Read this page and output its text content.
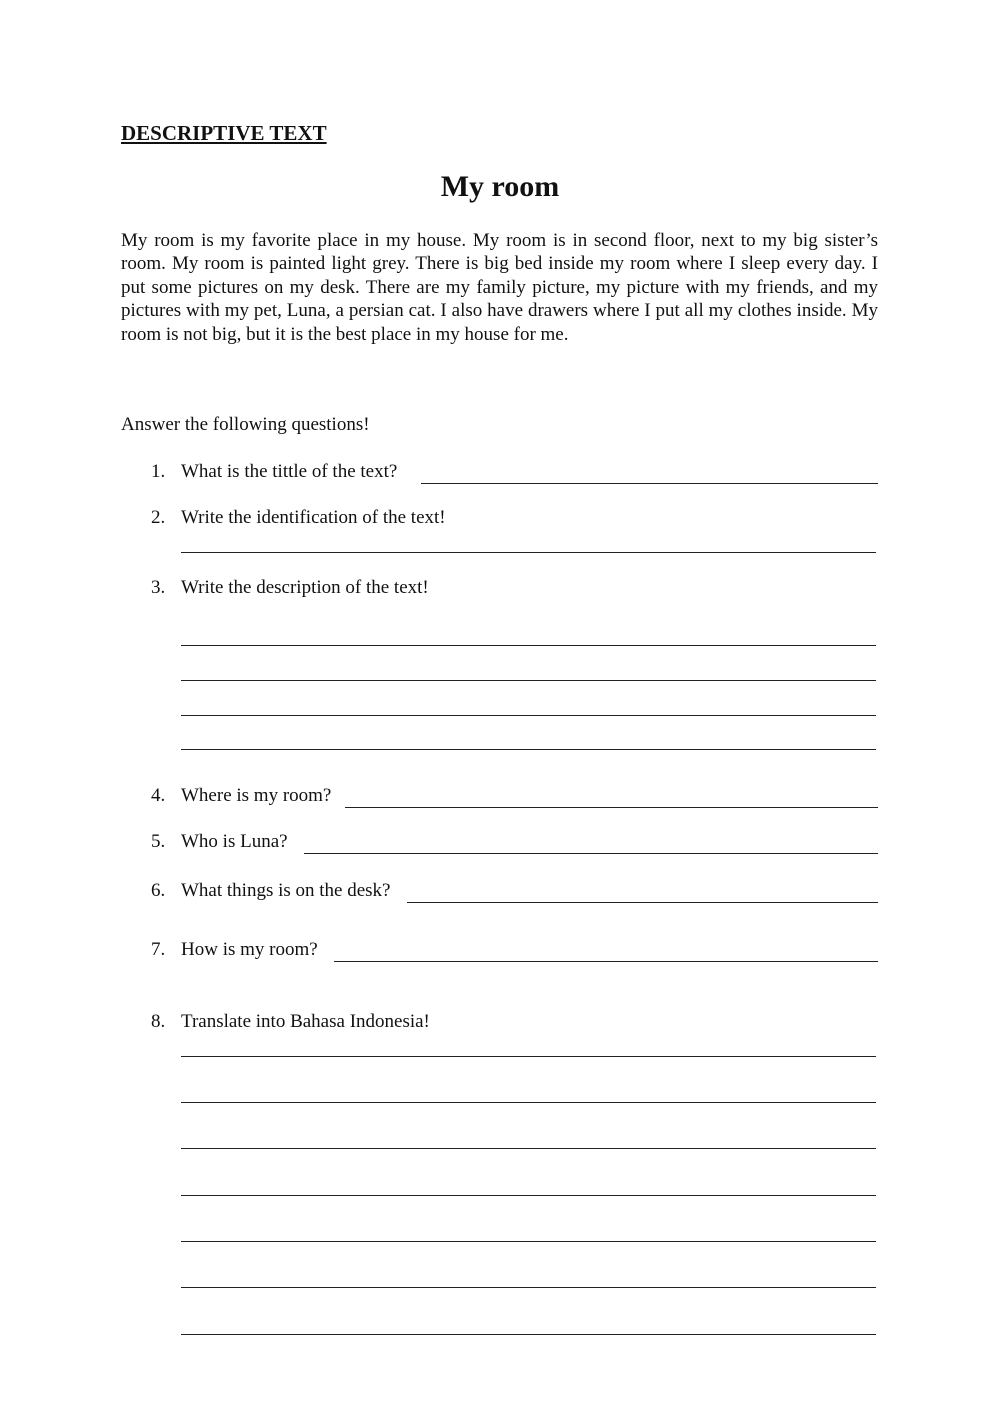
DESCRIPTIVE TEXT
My room

My room is my favorite place in my house. My room is in second floor, next to my big sister’s room. My room is painted light grey. There is big bed inside my room where I sleep every day. I put some pictures on my desk. There are my family picture, my picture with my friends, and my pictures with my pet, Luna, a persian cat. I also have drawers where I put all my clothes inside. My room is not big, but it is the best place in my house for me.

Answer the following questions!

1. What is the tittle of the text?
2. Write the identification of the text!
3. Write the description of the text!
4. Where is my room?
5. Who is Luna?
6. What things is on the desk?
7. How is my room?
8. Translate into Bahasa Indonesia!
